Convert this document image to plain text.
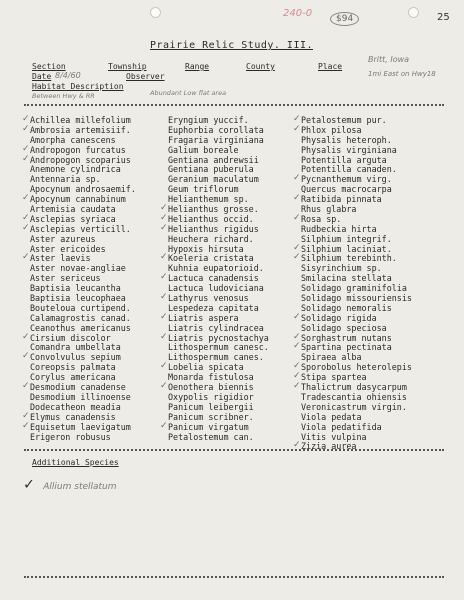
240-0	$94	25
Prairie Relic Study. III.
Section	Township	Range	County	Place
Date 8/4/60	Observer
Habitat Description
Britt, Iowa
1mi East on Hwy18
Between Hwy & RR	Abundant Low flat area
✓ Achillea millefolium
✓ Ambrosia artemisiif.
Amorpha canescens
✓ Andropogon furcatus
✓ Andropogon scoparius
Anemone cylindrica
Antennaria sp.
Apocynum androsaemif.
✓ Apocynum cannabinum
Artemisia caudata
✓ Asclepias syriaca
✓ Asclepias verticill.
Aster azureus
Aster ericoides
✓ Aster laevis
Aster novae-angliae
Aster sericeus
Baptisia leucantha
Baptisia leucophaea
Bouteloua curtipend.
Calamagrostis canad.
Ceanothus americanus
✓ Cirsium discolor
Comandra umbellata
✓ Convolvulus sepium
Coreopsis palmata
Corylus americana
✓ Desmodium canadense
Desmodium illinoense
Dodecatheon meadia
✓ Elymus canadensis
✓ Equisetum laevigatum
Erigeron robusus
Eryngium yuccif.
Euphorbia corollata
Fragaria virginiana
Galium boreale
Gentiana andrewsii
Gentiana puberula
Geranium maculatum
Geum triflorum
Helianthemum sp.
✓ Helianthus grosse.
✓ Helianthus occid.
✓ Helianthus rigidus
Heuchera richard.
Hypoxis hirsuta
✓ Koeleria cristata
Kuhnia eupatorioid.
✓ Lactuca canadensis
Lactuca ludoviciana
✓ Lathyrus venosus
Lespedeza capitata
✓ Liatris aspera
Liatris cylindracea
✓ Liatris pycnostachya
Lithospermum canesc.
Lithospermum canes.
✓ Lobelia spicata
Monarda fistulosa
✓ Oenothera biennis
Oxypolis rigidior
Panicum leibergii
Panicum scribner.
✓ Panicum virgatum
Petalostemum can.
✓ Petalostemum pur.
✓ Phlox pilosa
Physalis heteroph.
Physalis virginiana
Potentilla arguta
Potentilla canaden.
✓ Pycnanthemum virg.
Quercus macrocarpa
✓ Ratibida pinnata
Rhus glabra
✓ Rosa sp.
Rudbeckia hirta
Silphium integrif.
✓ Silphium laciniat.
✓ Silphium terebinth.
Sisyrinchium sp.
Smilacina stellata
Solidago graminifolia
Solidago missouriensis
Solidago nemoralis
✓ Solidago rigida
Solidago speciosa
✓ Sorghastrum nutans
✓ Spartina pectinata
Spiraea alba
✓ Sporobolus heterolepis
✓ Stipa spartea
✓ Thalictrum dasycarpum
Tradescantia ohiensis
Veronicastrum virgin.
Viola pedata
Viola pedatifida
Vitis vulpina
✓ Zizia aurea
Additional Species
✓ Allium stellatum
